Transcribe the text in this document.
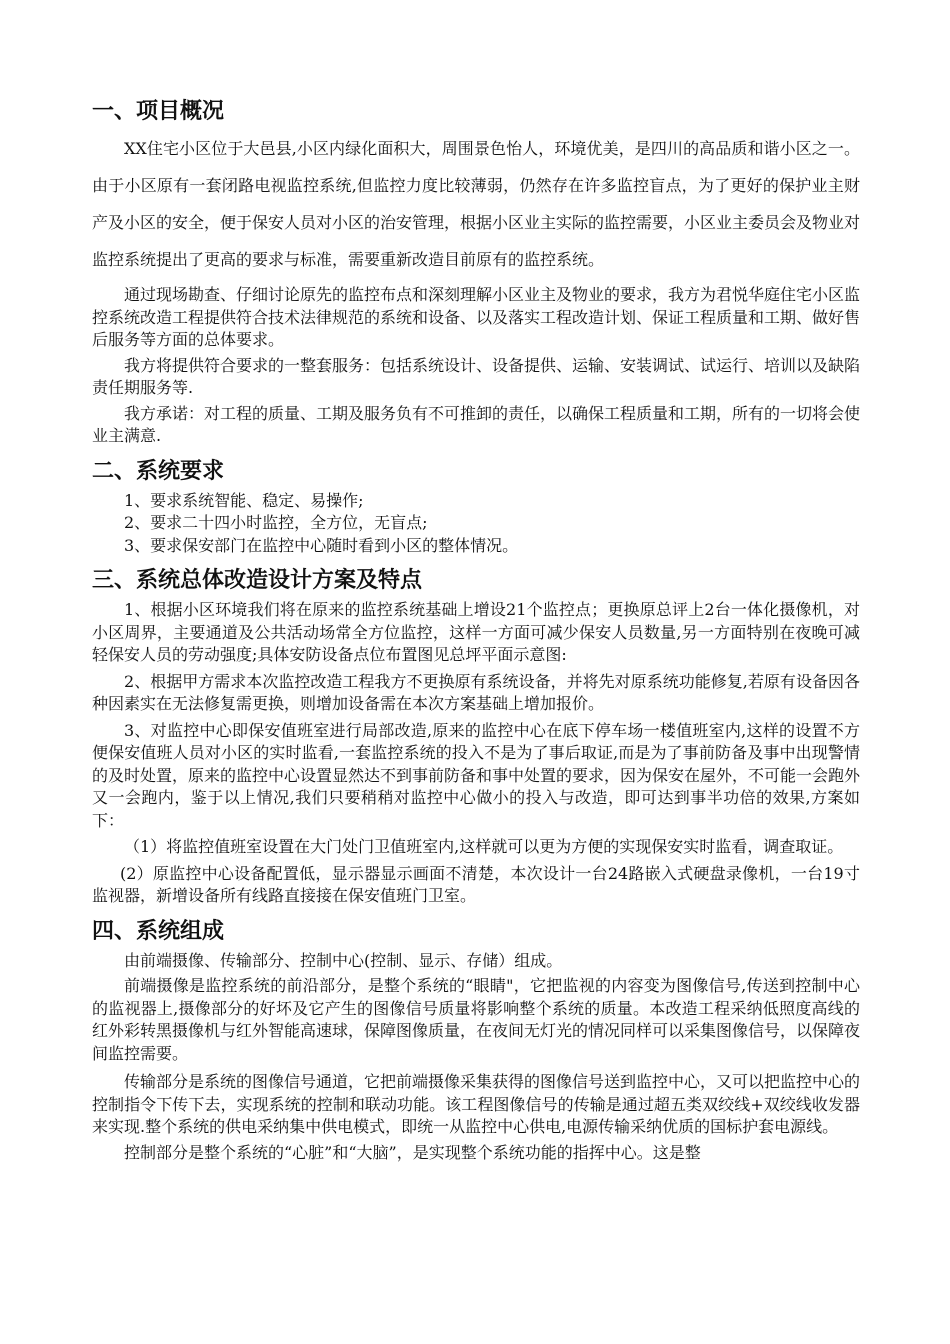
一、项目概况

XX住宅小区位于大邑县,小区内绿化面积大，周围景色怡人，环境优美，是四川的高品质和谐小区之一。由于小区原有一套闭路电视监控系统,但监控力度比较薄弱，仍然存在许多监控盲点，为了更好的保护业主财产及小区的安全，便于保安人员对小区的治安管理，根据小区业主实际的监控需要，小区业主委员会及物业对监控系统提出了更高的要求与标准，需要重新改造目前原有的监控系统。

通过现场勘查、仔细讨论原先的监控布点和深刻理解小区业主及物业的要求，我方为君悦华庭住宅小区监控系统改造工程提供符合技术法律规范的系统和设备、以及落实工程改造计划、保证工程质量和工期、做好售后服务等方面的总体要求。

我方将提供符合要求的一整套服务：包括系统设计、设备提供、运输、安装调试、试运行、培训以及缺陷责任期服务等.

我方承诺：对工程的质量、工期及服务负有不可推卸的责任，以确保工程质量和工期，所有的一切将会使业主满意.

二、系统要求

1、要求系统智能、稳定、易操作;

2、要求二十四小时监控，全方位，无盲点;

3、要求保安部门在监控中心随时看到小区的整体情况。

三、系统总体改造设计方案及特点

1、根据小区环境我们将在原来的监控系统基础上增设21个监控点；更换原总评上2台一体化摄像机，对小区周界，主要通道及公共活动场常全方位监控，这样一方面可减少保安人员数量,另一方面特别在夜晚可减轻保安人员的劳动强度;具体安防设备点位布置图见总坪平面示意图:

2、根据甲方需求本次监控改造工程我方不更换原有系统设备，并将先对原系统功能修复,若原有设备因各种因素实在无法修复需更换，则增加设备需在本次方案基础上增加报价。

3、对监控中心即保安值班室进行局部改造,原来的监控中心在底下停车场一楼值班室内,这样的设置不方便保安值班人员对小区的实时监看,一套监控系统的投入不是为了事后取证,而是为了事前防备及事中出现警情的及时处置，原来的监控中心设置显然达不到事前防备和事中处置的要求，因为保安在屋外，不可能一会跑外又一会跑内，鉴于以上情况,我们只要稍稍对监控中心做小的投入与改造，即可达到事半功倍的效果,方案如下：

（1）将监控值班室设置在大门处门卫值班室内,这样就可以更为方便的实现保安实时监看，调查取证。

(2）原监控中心设备配置低，显示器显示画面不清楚，本次设计一台24路嵌入式硬盘录像机，一台19寸监视器，新增设备所有线路直接接在保安值班门卫室。

四、系统组成

由前端摄像、传输部分、控制中心(控制、显示、存储）组成。

前端摄像是监控系统的前沿部分，是整个系统的“眼睛"，它把监视的内容变为图像信号,传送到控制中心的监视器上,摄像部分的好坏及它产生的图像信号质量将影响整个系统的质量。本改造工程采纳低照度高线的红外彩转黑摄像机与红外智能高速球，保障图像质量，在夜间无灯光的情况同样可以采集图像信号，以保障夜间监控需要。

传输部分是系统的图像信号通道，它把前端摄像采集获得的图像信号送到监控中心，又可以把监控中心的控制指令下传下去，实现系统的控制和联动功能。该工程图像信号的传输是通过超五类双绞线+双绞线收发器来实现.整个系统的供电采纳集中供电模式，即统一从监控中心供电,电源传输采纳优质的国标护套电源线。

控制部分是整个系统的“心脏”和“大脑”，是实现整个系统功能的指挥中心。这是整
